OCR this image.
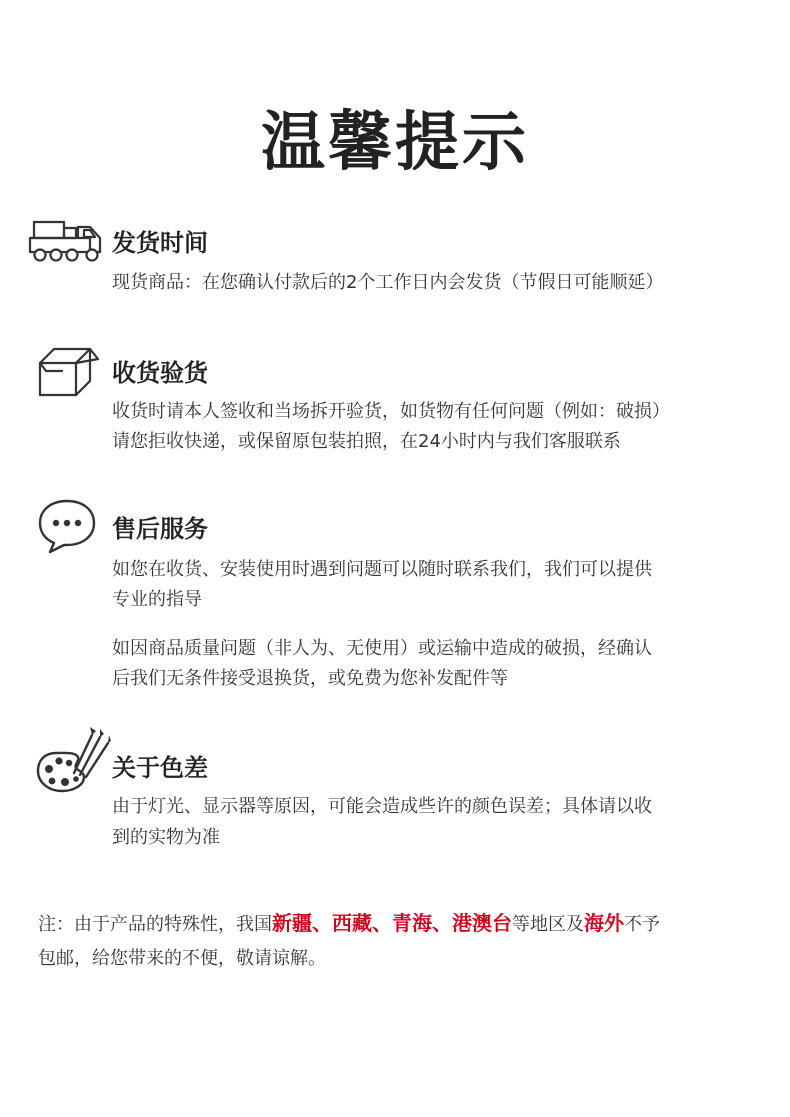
温馨提示
发货时间
现货商品：在您确认付款后的2个工作日内会发货（节假日可能顺延）
收货验货
收货时请本人签收和当场拆开验货，如货物有任何问题（例如：破损）
请您拒收快递，或保留原包装拍照，在24小时内与我们客服联系
售后服务
如您在收货、安装使用时遇到问题可以随时联系我们，我们可以提供
专业的指导
如因商品质量问题（非人为、无使用）或运输中造成的破损，经确认
后我们无条件接受退换货，或免费为您补发配件等
关于色差
由于灯光、显示器等原因，可能会造成些许的颜色误差；具体请以收
到的实物为准
注：由于产品的特殊性，我国新疆、西藏、青海、港澳台等地区及海外不予
包邮，给您带来的不便，敬请谅解。
